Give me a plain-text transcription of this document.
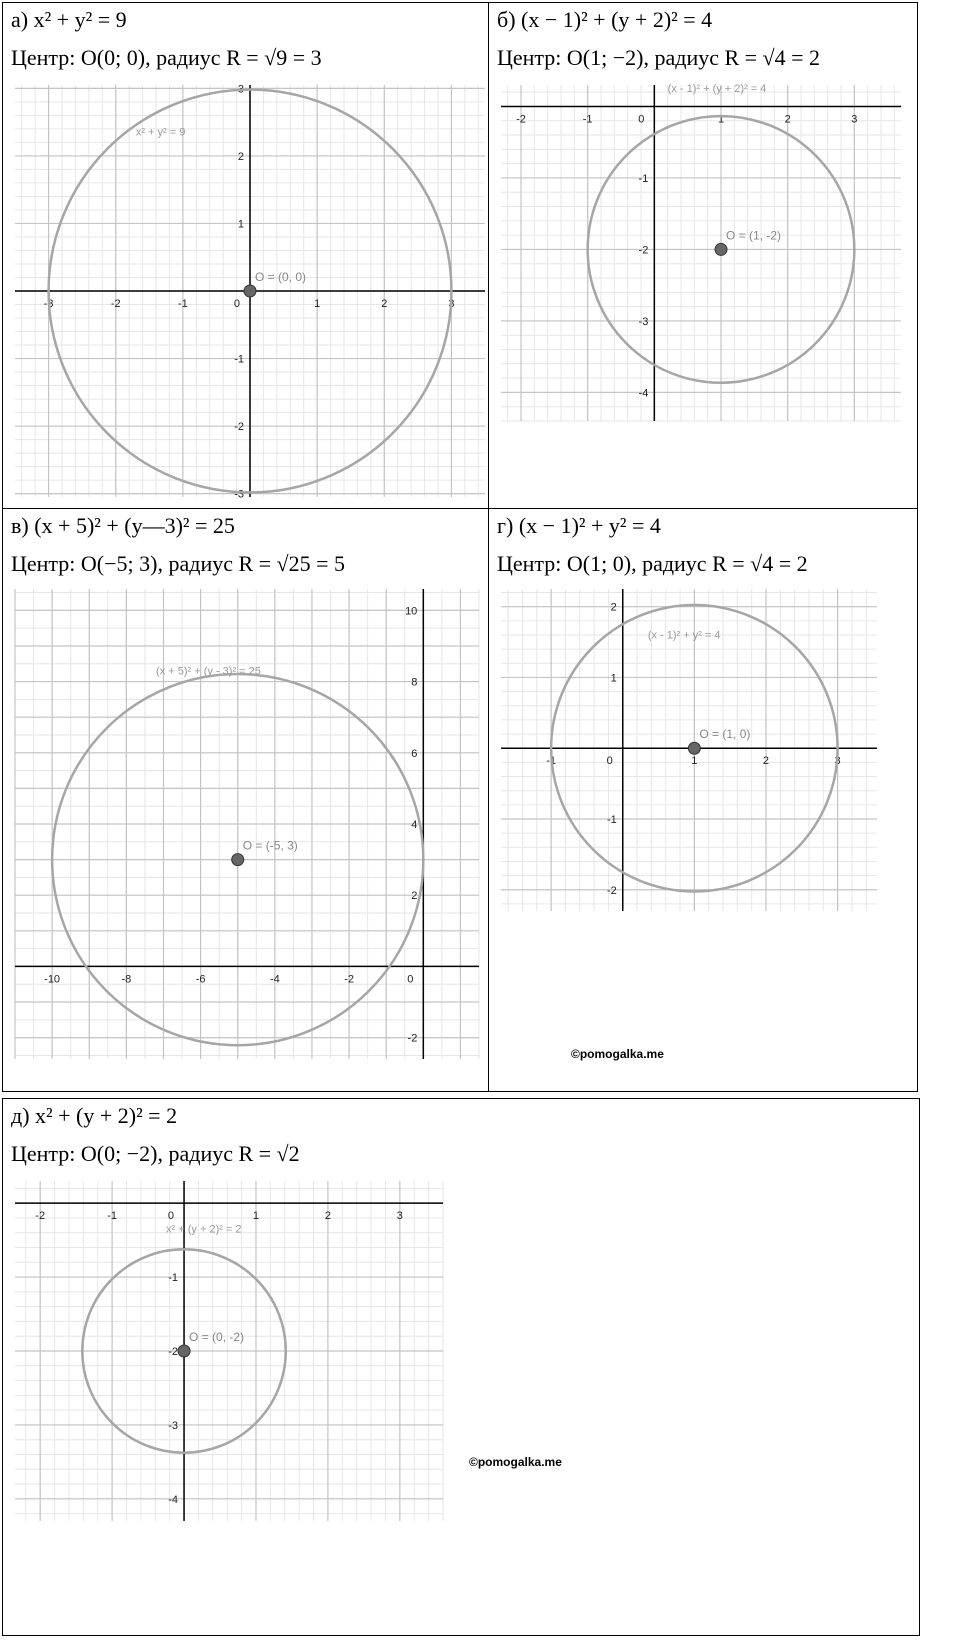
а) x² + y² = 9
Центр: O(0; 0), радиус R = √9 = 3
-3	-2	-1	1	2	3
-3
-2
-1
1
2
3
0
x² + y² = 9
O = (0, 0)
б) (x − 1)² + (y + 2)² = 4
Центр: O(1; −2), радиус R = √4 = 2
-2	-1	1	2	3
-1
-2
-3
-4
0
(x - 1)² + (y + 2)² = 4
O = (1, -2)
в) (x + 5)² + (y—3)² = 25
Центр: O(−5; 3), радиус R = √25 = 5
-10	-8	-6	-4	-2
-2
2
4
6
8
10
0
(x + 5)² + (y - 3)² = 25
O = (-5, 3)
г) (x − 1)² + y² = 4
Центр: O(1; 0), радиус R = √4 = 2
-1	1	2	3
-2
-1
1
2
0
(x - 1)² + y² = 4
O = (1, 0)
©pomogalka.me
д) x² + (y + 2)² = 2
Центр: O(0; −2), радиус R = √2
-2	-1	1	2	3
-1
-2
-3
-4
0
x² + (y + 2)² = 2
O = (0, -2)
©pomogalka.me
